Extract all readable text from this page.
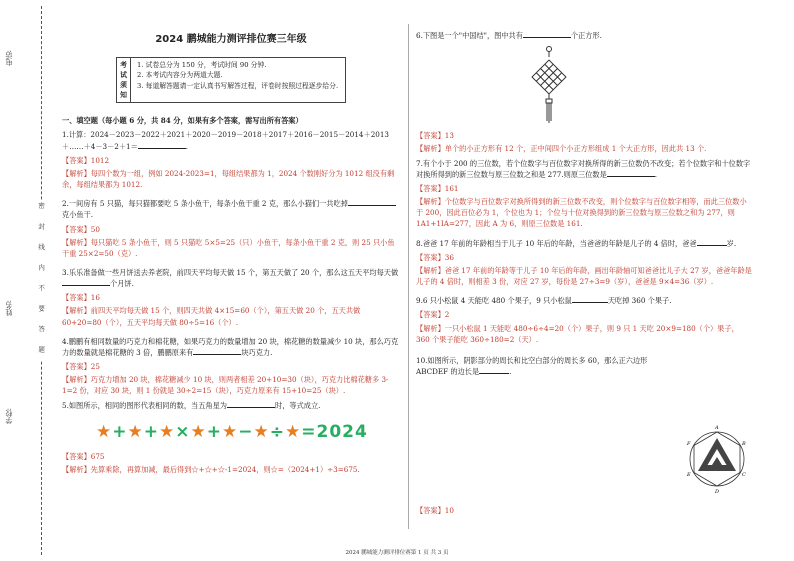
密 封 线 内 不 要 答 题
电话:
姓名:
学校:
2024 鹏城能力测评排位赛三年级
考试须知
1. 试卷总分为 150 分，考试时间 90 分钟.
2. 本考试内容分为两道大题.
3. 每道解答题请一定认真书写解答过程，评卷时按照过程逐步给分.
一、填空题（每小题 6 分，共 84 分，如果有多个答案，需写出所有答案）
1.计算：2024－2023－2022＋2021＋2020－2019－2018＋2017＋2016－2015－2014＋2013＋……＋4－3－2＋1＝	.
【答案】1012
【解析】每四个数为一组，例如 2024-2023=1，每组结果都为 1，2024 个数刚好分为 1012 组没有剩余，每组结果都为 1012.
2.一间房有 5 只猫，每只猫都要吃 5 条小鱼干，每条小鱼干重 2 克，那么小猫们一共吃掉克小鱼干.
【答案】50
【解析】每只猫吃 5 条小鱼干，则 5 只猫吃 5×5=25（只）小鱼干，每条小鱼干重 2 克，则 25 只小鱼干重 25×2=50（克）.
3.乐乐准备做一些月饼送去养老院，前四天平均每天做 15 个，第五天做了 20 个，那么这五天平均每天做个月饼.
【答案】16
【解析】前四天平均每天做 15 个，则四天共做 4×15=60（个），第五天做 20 个，五天共做 60+20=80（个），五天平均每天做 80÷5=16（个）.
4.鹏鹏有相同数量的巧克力和棉花糖，如果巧克力的数量增加 20 块，棉花糖的数量减少 10 块，那么巧克力的数量就是棉花糖的 3 倍，鹏鹏原来有	块巧克力.
【答案】25
【解析】巧克力增加 20 块，棉花糖减少 10 块，则两者相差 20+10=30（块），巧克力比棉花糖多 3-1=2 份，对应 30 块，则 1 份就是 30÷2=15（块），巧克力原来有 15+10=25（块）.
5.如图所示，相同的图形代表相同的数，当五角星为	时，等式成立.
★+★+★×★+★−★÷★=2024
【答案】675
【解析】先算乘除，再算加减，最后得到☆+☆+☆-1=2024，则☆=（2024+1）÷3=675.
6.下图是一个"中国结"，图中共有	个正方形.
【答案】13
【解析】单个的小正方形有 12 个，正中间四个小正方形组成 1 个大正方形，因此共 13 个.
7.有个小于 200 的三位数，若个位数字与百位数字对换所得的新三位数仍不改变；若个位数字和十位数字对换所得到的新三位数与原三位数之和是 277.则原三位数是	.
【答案】161
【解析】个位数字与百位数字对换所得到的新三位数不改变，则个位数字与百位数字相等，而此三位数小于 200，因此百位必为 1，个位也为 1；个位与十位对换得到的新三位数与原三位数之和为 277，则 1A1+1IA=277，因此 A 为 6，则原三位数是 161.
8.爸爸 17 年前的年龄相当于儿子 10 年后的年龄，当爸爸的年龄是儿子的 4 倍时，爸爸	岁.
【答案】36
【解析】爸爸 17 年前的年龄等于儿子 10 年后的年龄，画出年龄轴可知爸爸比儿子大 27 岁，爸爸年龄是儿子的 4 倍时，则相差 3 份，对应 27 岁，每份是 27÷3=9（岁），爸爸是 9×4=36（岁）.
9.6 只小松鼠 4 天能吃 480 个果子，9 只小松鼠	天吃掉 360 个果子.
【答案】2
【解析】一只小松鼠 1 天能吃 480÷6÷4=20（个）果子，则 9 只 1 天吃 20×9=180（个）果子，360 个果子能吃 360÷180=2（天）.
10.如图所示，阴影部分的周长和比空白部分的周长多 60，那么正六边形 ABCDEF 的边长是	.
【答案】10
A
B
C
D
E
F
2024 鹏城能力测评排位赛第 1 页 共 3 页
